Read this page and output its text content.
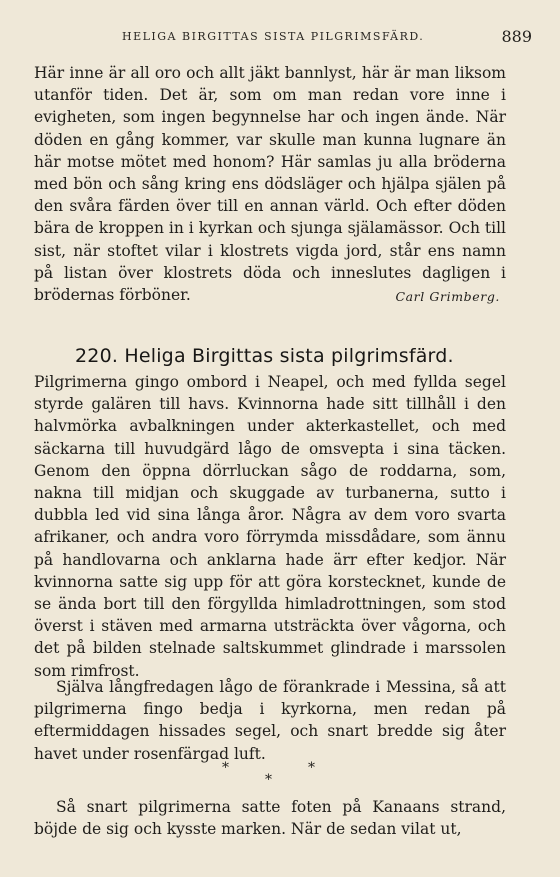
HELIGA BIRGITTAS SISTA PILGRIMSFÄRD.	889

Här inne är all oro och allt jäkt bannlyst, här är man liksom utanför tiden. Det är, som om man redan vore inne i evigheten, som ingen begynnelse har och ingen ände. När döden en gång kommer, var skulle man kunna lugnare än här motse mötet med honom? Här samlas ju alla bröderna med bön och sång kring ens dödsläger och hjälpa själen på den svåra färden över till en annan värld. Och efter döden bära de kroppen in i kyrkan och sjunga själamässor. Och till sist, när stoftet vilar i klostrets vigda jord, står ens namn på listan över klostrets döda och inneslutes dagligen i brödernas förböner.	Carl Grimberg.
220. Heliga Birgittas sista pilgrimsfärd.

Pilgrimerna gingo ombord i Neapel, och med fyllda segel styrde galären till havs. Kvinnorna hade sitt tillhåll i den halvmörka avbalkningen under akterkastellet, och med säckarna till huvudgärd lågo de omsvepta i sina täcken. Genom den öppna dörrluckan sågo de roddarna, som, nakna till midjan och skuggade av turbanerna, sutto i dubbla led vid sina långa åror. Några av dem voro svarta afrikaner, och andra voro förrymda missdådare, som ännu på handlovarna och anklarna hade ärr efter kedjor. När kvinnorna satte sig upp för att göra korstecknet, kunde de se ända bort till den förgyllda himladrottningen, som stod överst i stäven med armarna utsträckta över vågorna, och det på bilden stelnade saltskummet glindrade i marssolen som rimfrost.

Själva långfredagen lågo de förankrade i Messina, så att pilgrimerna fingo bedja i kyrkorna, men redan på eftermiddagen hissades segel, och snart bredde sig åter havet under rosenfärgad luft.

*	*
*

Så snart pilgrimerna satte foten på Kanaans strand, böjde de sig och kysste marken. När de sedan vilat ut,
